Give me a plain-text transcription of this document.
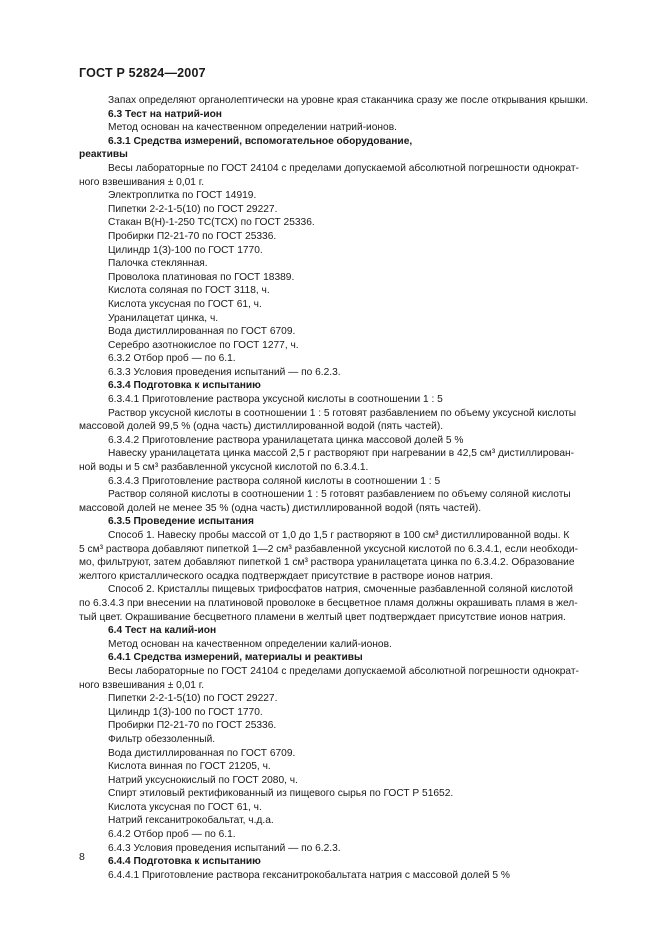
ГОСТ Р 52824—2007

Запах определяют органолептически на уровне края стаканчика сразу же после открывания крышки.

6.3 Тест на натрий-ион

Метод основан на качественном определении натрий-ионов.

6.3.1 Средства измерений, вспомогательное оборудование,

реактивы

Весы лабораторные по ГОСТ 24104 с пределами допускаемой абсолютной погрешности однократ-

ного взвешивания ± 0,01 г.

Электроплитка по ГОСТ 14919.

Пипетки 2-2-1-5(10) по ГОСТ 29227.

Стакан В(Н)-1-250 ТС(ТСХ) по ГОСТ 25336.

Пробирки П2-21-70 по ГОСТ 25336.

Цилиндр 1(3)-100 по ГОСТ 1770.

Палочка стеклянная.

Проволока платиновая по ГОСТ 18389.

Кислота соляная по ГОСТ 3118, ч.

Кислота уксусная по ГОСТ 61, ч.

Уранилацетат цинка, ч.

Вода дистиллированная по ГОСТ 6709.

Серебро азотнокислое по ГОСТ 1277, ч.

6.3.2 Отбор проб — по 6.1.

6.3.3 Условия проведения испытаний — по 6.2.3.

6.3.4 Подготовка к испытанию

6.3.4.1 Приготовление раствора уксусной кислоты в соотношении 1 : 5

Раствор уксусной кислоты в соотношении 1 : 5 готовят разбавлением по объему уксусной кислоты

массовой долей 99,5 % (одна часть) дистиллированной водой (пять частей).

6.3.4.2 Приготовление раствора уранилацетата цинка массовой долей 5 %

Навеску уранилацетата цинка массой 2,5 г растворяют при нагревании в 42,5 см³ дистиллирован-

ной воды и 5 см³ разбавленной уксусной кислотой по 6.3.4.1.

6.3.4.3 Приготовление раствора соляной кислоты в соотношении 1 : 5

Раствор соляной кислоты в соотношении 1 : 5 готовят разбавлением по объему соляной кислоты

массовой долей не менее 35 % (одна часть) дистиллированной водой (пять частей).

6.3.5 Проведение испытания

Способ 1. Навеску пробы массой от 1,0 до 1,5 г растворяют в 100 см³ дистиллированной воды. К

5 см³ раствора добавляют пипеткой 1—2 см³ разбавленной уксусной кислотой по 6.3.4.1, если необходи-

мо, фильтруют, затем добавляют пипеткой 1 см³ раствора уранилацетата цинка по 6.3.4.2. Образование

желтого кристаллического осадка подтверждает присутствие в растворе ионов натрия.

Способ 2. Кристаллы пищевых трифосфатов натрия, смоченные разбавленной соляной кислотой

по 6.3.4.3 при внесении на платиновой проволоке в бесцветное пламя должны окрашивать пламя в жел-

тый цвет. Окрашивание бесцветного пламени в желтый цвет подтверждает присутствие ионов натрия.

6.4 Тест на калий-ион

Метод основан на качественном определении калий-ионов.

6.4.1 Средства измерений, материалы и реактивы

Весы лабораторные по ГОСТ 24104 с пределами допускаемой абсолютной погрешности однократ-

ного взвешивания ± 0,01 г.

Пипетки 2-2-1-5(10) по ГОСТ 29227.

Цилиндр 1(3)-100 по ГОСТ 1770.

Пробирки П2-21-70 по ГОСТ 25336.

Фильтр обеззоленный.

Вода дистиллированная по ГОСТ 6709.

Кислота винная по ГОСТ 21205, ч.

Натрий уксуснокислый по ГОСТ 2080, ч.

Спирт этиловый ректификованный из пищевого сырья по ГОСТ Р 51652.

Кислота уксусная по ГОСТ 61, ч.

Натрий гексанитрокобальтат, ч.д.а.

6.4.2 Отбор проб — по 6.1.

6.4.3 Условия проведения испытаний — по 6.2.3.

6.4.4 Подготовка к испытанию

6.4.4.1 Приготовление раствора гексанитрокобальтата натрия с массовой долей 5 %

8
